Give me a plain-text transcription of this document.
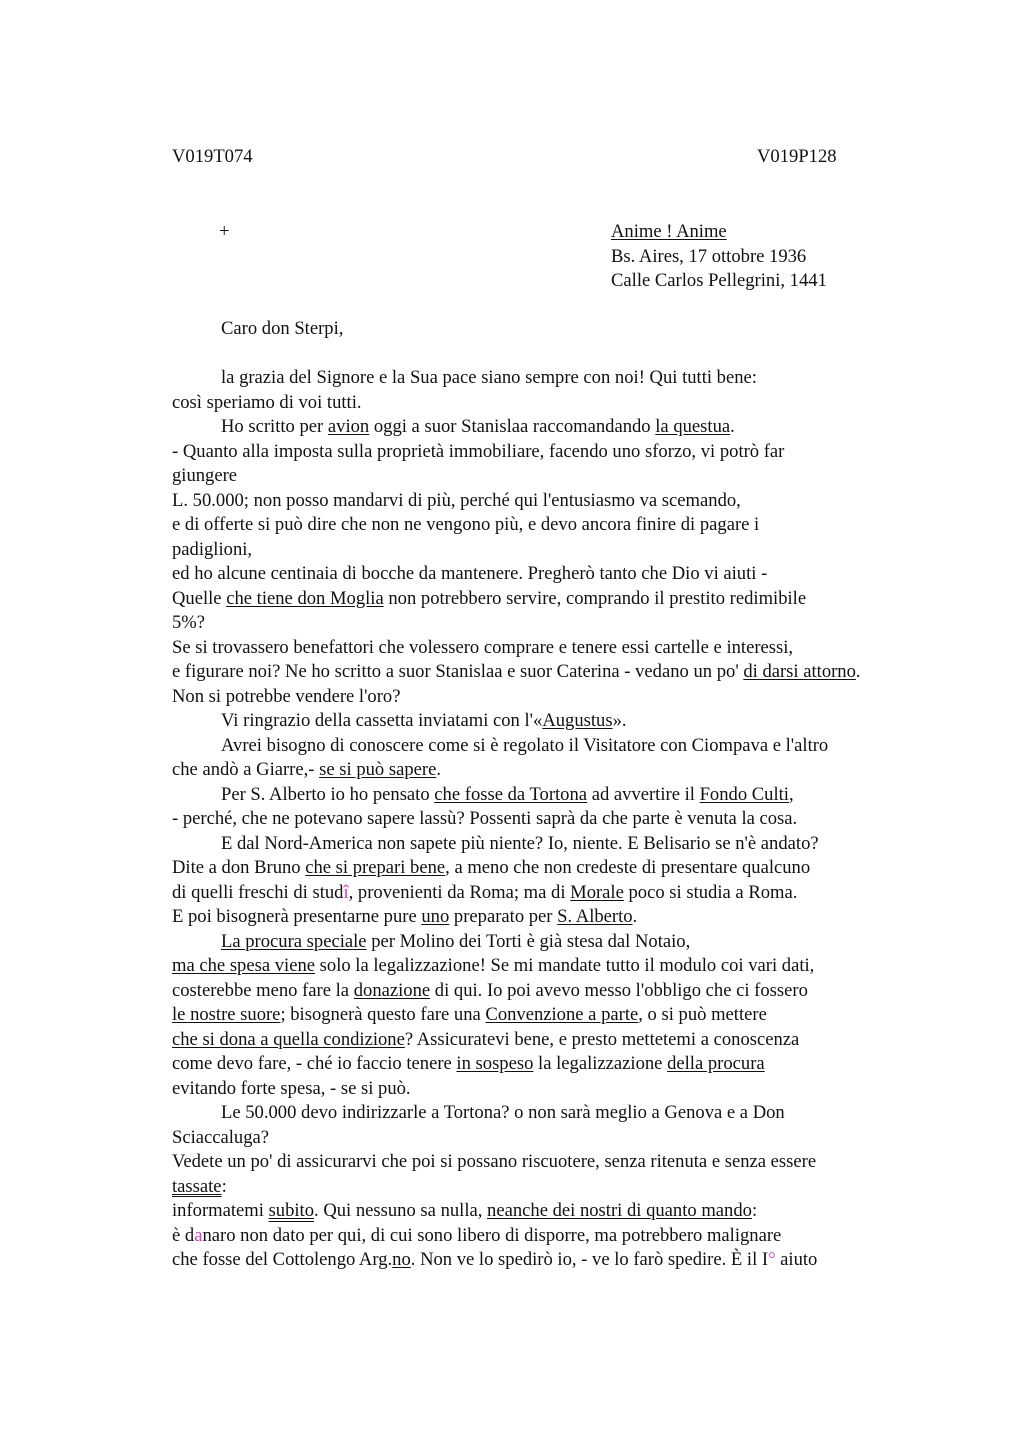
V019T074	V019P128
+	Anime ! Anime
Bs. Aires, 17 ottobre 1936
Calle Carlos Pellegrini, 1441
Caro don Sterpi,
la grazia del Signore e la Sua pace siano sempre con noi! Qui tutti bene:
così speriamo di voi tutti.
Ho scritto per avion oggi a suor Stanislaa raccomandando la questua.
- Quanto alla imposta sulla proprietà immobiliare, facendo uno sforzo, vi potrò far
giungere
L. 50.000; non posso mandarvi di più, perché qui l'entusiasmo va scemando,
e di offerte si può dire che non ne vengono più, e devo ancora finire di pagare i
padiglioni,
ed ho alcune centinaia di bocche da mantenere. Pregherò tanto che Dio vi aiuti -
Quelle che tiene don Moglia non potrebbero servire, comprando il prestito redimibile
5%?
Se si trovassero benefattori che volessero comprare e tenere essi cartelle e interessi,
e figurare noi? Ne ho scritto a suor Stanislaa e suor Caterina - vedano un po' di darsi attorno.
Non si potrebbe vendere l'oro?
Vi ringrazio della cassetta inviatami con l'«Augustus».
Avrei bisogno di conoscere come si è regolato il Visitatore con Ciompava e l'altro
che andò a Giarre,- se si può sapere.
Per S. Alberto io ho pensato che fosse da Tortona ad avvertire il Fondo Culti,
- perché, che ne potevano sapere lassù? Possenti saprà da che parte è venuta la cosa.
E dal Nord-America non sapete più niente? Io, niente. E Belisario se n'è andato?
Dite a don Bruno che si prepari bene, a meno che non credeste di presentare qualcuno
di quelli freschi di studî, provenienti da Roma; ma di Morale poco si studia a Roma.
E poi bisognerà presentarne pure uno preparato per S. Alberto.
La procura speciale per Molino dei Torti è già stesa dal Notaio,
ma che spesa viene solo la legalizzazione! Se mi mandate tutto il modulo coi vari dati,
costerebbe meno fare la donazione di qui. Io poi avevo messo l'obbligo che ci fossero
le nostre suore; bisognerà questo fare una Convenzione a parte, o si può mettere
che si dona a quella condizione? Assicuratevi bene, e presto mettetemi a conoscenza
come devo fare, - ché io faccio tenere in sospeso la legalizzazione della procura
evitando forte spesa, - se si può.
Le 50.000 devo indirizzarle a Tortona? o non sarà meglio a Genova e a Don
Sciaccaluga?
Vedete un po' di assicurarvi che poi si possano riscuotere, senza ritenuta e senza essere
tassate:
informatemi subito. Qui nessuno sa nulla, neanche dei nostri di quanto mando:
è danaro non dato per qui, di cui sono libero di disporre, ma potrebbero malignare
che fosse del Cottolengo Arg.no. Non ve lo spedirò io, - ve lo farò spedire. È il I° aiuto
